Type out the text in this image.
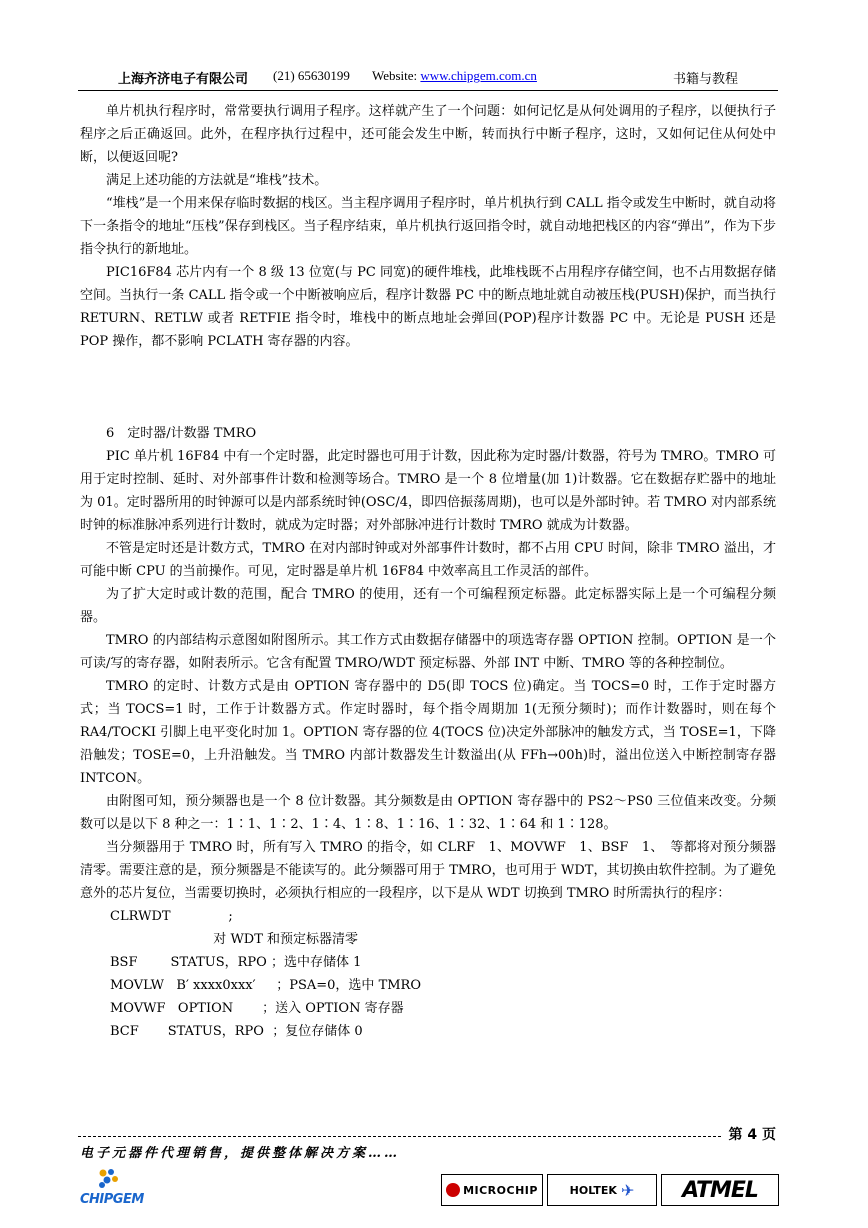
上海齐济电子有限公司 (21) 65630199 Website: www.chipgem.com.cn	书籍与教程

单片机执行程序时，常常要执行调用子程序。这样就产生了一个问题：如何记忆是从何处调用的子程序，以便执行子程序之后正确返回。此外，在程序执行过程中，还可能会发生中断，转而执行中断子程序，这时，又如何记住从何处中断，以便返回呢?

满足上述功能的方法就是“堆栈”技术。

“堆栈”是一个用来保存临时数据的栈区。当主程序调用子程序时，单片机执行到 CALL 指令或发生中断时，就自动将下一条指令的地址“压栈”保存到栈区。当子程序结束，单片机执行返回指令时，就自动地把栈区的内容“弹出”，作为下步指令执行的新地址。

PIC16F84 芯片内有一个 8 级 13 位宽(与 PC 同宽)的硬件堆栈，此堆栈既不占用程序存储空间，也不占用数据存储空间。当执行一条 CALL 指令或一个中断被响应后，程序计数器 PC 中的断点地址就自动被压栈(PUSH)保护，而当执行 RETURN、RETLW 或者 RETFIE 指令时，堆栈中的断点地址会弹回(POP)程序计数器 PC 中。无论是 PUSH 还是 POP 操作，都不影响 PCLATH 寄存器的内容。

6　定时器/计数器 TMRO

PIC 单片机 16F84 中有一个定时器，此定时器也可用于计数，因此称为定时器/计数器，符号为 TMRO。TMRO 可用于定时控制、延时、对外部事件计数和检测等场合。TMRO 是一个 8 位增量(加 1)计数器。它在数据存贮器中的地址为 01。定时器所用的时钟源可以是内部系统时钟(OSC/4，即四倍振荡周期)，也可以是外部时钟。若 TMRO 对内部系统时钟的标准脉冲系列进行计数时，就成为定时器；对外部脉冲进行计数时 TMRO 就成为计数器。

不管是定时还是计数方式，TMRO 在对内部时钟或对外部事件计数时，都不占用 CPU 时间，除非 TMRO 溢出，才可能中断 CPU 的当前操作。可见，定时器是单片机 16F84 中效率高且工作灵活的部件。

为了扩大定时或计数的范围，配合 TMRO 的使用，还有一个可编程预定标器。此定标器实际上是一个可编程分频器。

TMRO 的内部结构示意图如附图所示。其工作方式由数据存储器中的项选寄存器 OPTION 控制。OPTION 是一个可读/写的寄存器，如附表所示。它含有配置 TMRO/WDT 预定标器、外部 INT 中断、TMRO 等的各种控制位。

TMRO 的定时、计数方式是由 OPTION 寄存器中的 D5(即 TOCS 位)确定。当 TOCS=0 时，工作于定时器方式；当 TOCS=1 时，工作于计数器方式。作定时器时，每个指令周期加 1(无预分频时)；而作计数器时，则在每个 RA4/TOCKI 引脚上电平变化时加 1。OPTION 寄存器的位 4(TOCS 位)决定外部脉冲的触发方式，当 TOSE=1，下降沿触发；TOSE=0，上升沿触发。当 TMRO 内部计数器发生计数溢出(从 FFh→00h)时，溢出位送入中断控制寄存器 INTCON。

由附图可知，预分频器也是一个 8 位计数器。其分频数是由 OPTION 寄存器中的 PS2～PS0 三位值来改变。分频数可以是以下 8 种之一：1∶1、1∶2、1∶4、1∶8、1∶16、1∶32、1∶64 和 1∶128。

当分频器用于 TMRO 时，所有写入 TMRO 的指令，如 CLRF　1、MOVWF　1、BSF　1、　等都将对预分频器清零。需要注意的是，预分频器是不能读写的。此分频器可用于 TMRO，也可用于 WDT，其切换由软件控制。为了避免意外的芯片复位，当需要切换时，必须执行相应的一段程序，以下是从 WDT 切换到 TMRO 时所需执行的程序：

CLRWDT              ;
对 WDT 和预定标器清零
BSF        STATUS，RPO ；选中存储体 1
MOVLW   B′ xxxx0xxx′     ；PSA=0，选中 TMRO
MOVWF   OPTION       ；送入 OPTION 寄存器
BCF       STATUS，RPO  ；复位存储体 0
第 4 页
电子元器件代理销售，提供整体解决方案……
CHIPGEM
MICROCHIP	HOLTEK ✈ ATMEL
